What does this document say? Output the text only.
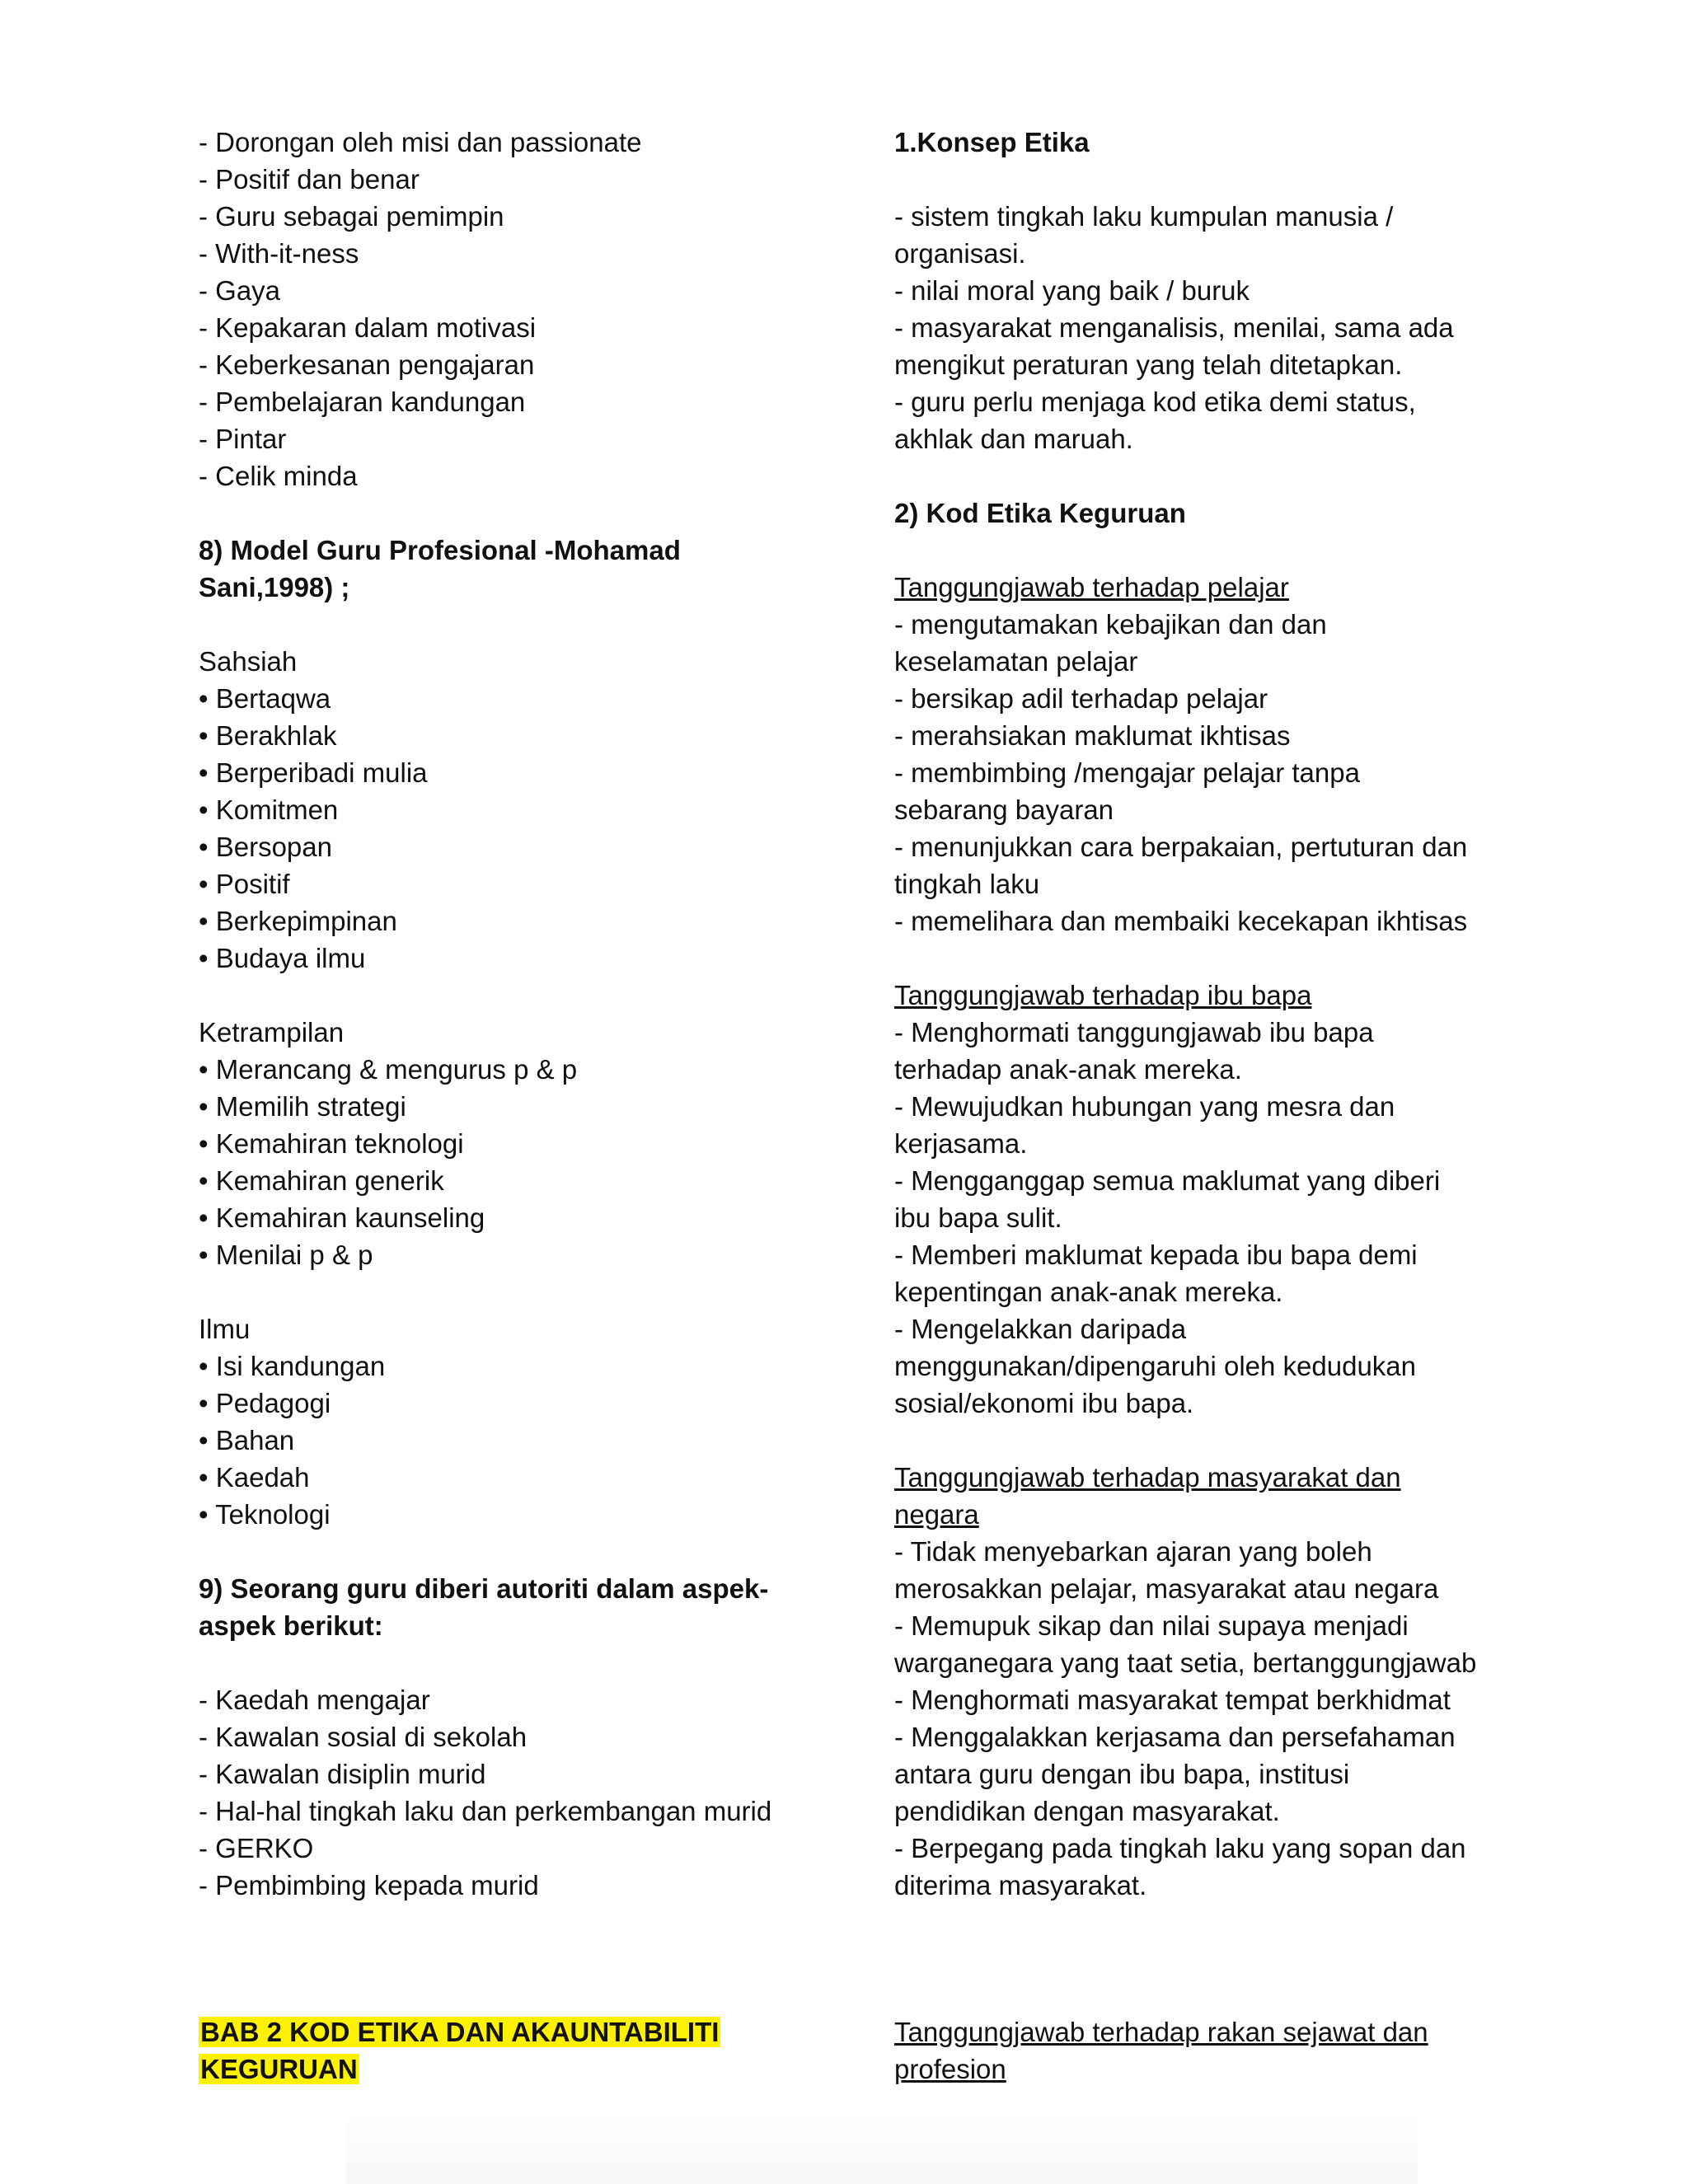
- Dorongan oleh misi dan passionate
- Positif dan benar
- Guru sebagai pemimpin
- With-it-ness
- Gaya
- Kepakaran dalam motivasi
- Keberkesanan pengajaran
- Pembelajaran kandungan
- Pintar
- Celik minda
8) Model Guru Profesional -Mohamad
Sani,1998) ;
Sahsiah
• Bertaqwa
• Berakhlak
• Berperibadi mulia
• Komitmen
• Bersopan
• Positif
• Berkepimpinan
• Budaya ilmu
Ketrampilan
• Merancang & mengurus p & p
• Memilih strategi
• Kemahiran teknologi
• Kemahiran generik
• Kemahiran kaunseling
• Menilai p & p
Ilmu
• Isi kandungan
• Pedagogi
• Bahan
• Kaedah
• Teknologi
9) Seorang guru diberi autoriti dalam aspek-
aspek berikut:
- Kaedah mengajar
- Kawalan sosial di sekolah
- Kawalan disiplin murid
- Hal-hal tingkah laku dan perkembangan murid
- GERKO
- Pembimbing kepada murid
1.Konsep Etika
- sistem tingkah laku kumpulan manusia /
organisasi.
- nilai moral yang baik / buruk
- masyarakat menganalisis, menilai, sama ada
mengikut peraturan yang telah ditetapkan.
- guru perlu menjaga kod etika demi status,
akhlak dan maruah.
2) Kod Etika Keguruan
Tanggungjawab terhadap pelajar
- mengutamakan kebajikan dan dan
keselamatan pelajar
- bersikap adil terhadap pelajar
- merahsiakan maklumat ikhtisas
- membimbing /mengajar pelajar tanpa
sebarang bayaran
- menunjukkan cara berpakaian, pertuturan dan
tingkah laku
- memelihara dan membaiki kecekapan ikhtisas
Tanggungjawab terhadap ibu bapa
- Menghormati tanggungjawab ibu bapa
terhadap anak-anak mereka.
- Mewujudkan hubungan yang mesra dan
kerjasama.
- Mengganggap semua maklumat yang diberi
ibu bapa sulit.
- Memberi maklumat kepada ibu bapa demi
kepentingan anak-anak mereka.
- Mengelakkan daripada
menggunakan/dipengaruhi oleh kedudukan
sosial/ekonomi ibu bapa.
Tanggungjawab terhadap masyarakat dan
negara
- Tidak menyebarkan ajaran yang boleh
merosakkan pelajar, masyarakat atau negara
- Memupuk sikap dan nilai supaya menjadi
warganegara yang taat setia, bertanggungjawab
- Menghormati masyarakat tempat berkhidmat
- Menggalakkan kerjasama dan persefahaman
antara guru dengan ibu bapa, institusi
pendidikan dengan masyarakat.
- Berpegang pada tingkah laku yang sopan dan
diterima masyarakat.
BAB 2 KOD ETIKA DAN AKAUNTABILITI
KEGURUAN
Tanggungjawab terhadap rakan sejawat dan
profesion
